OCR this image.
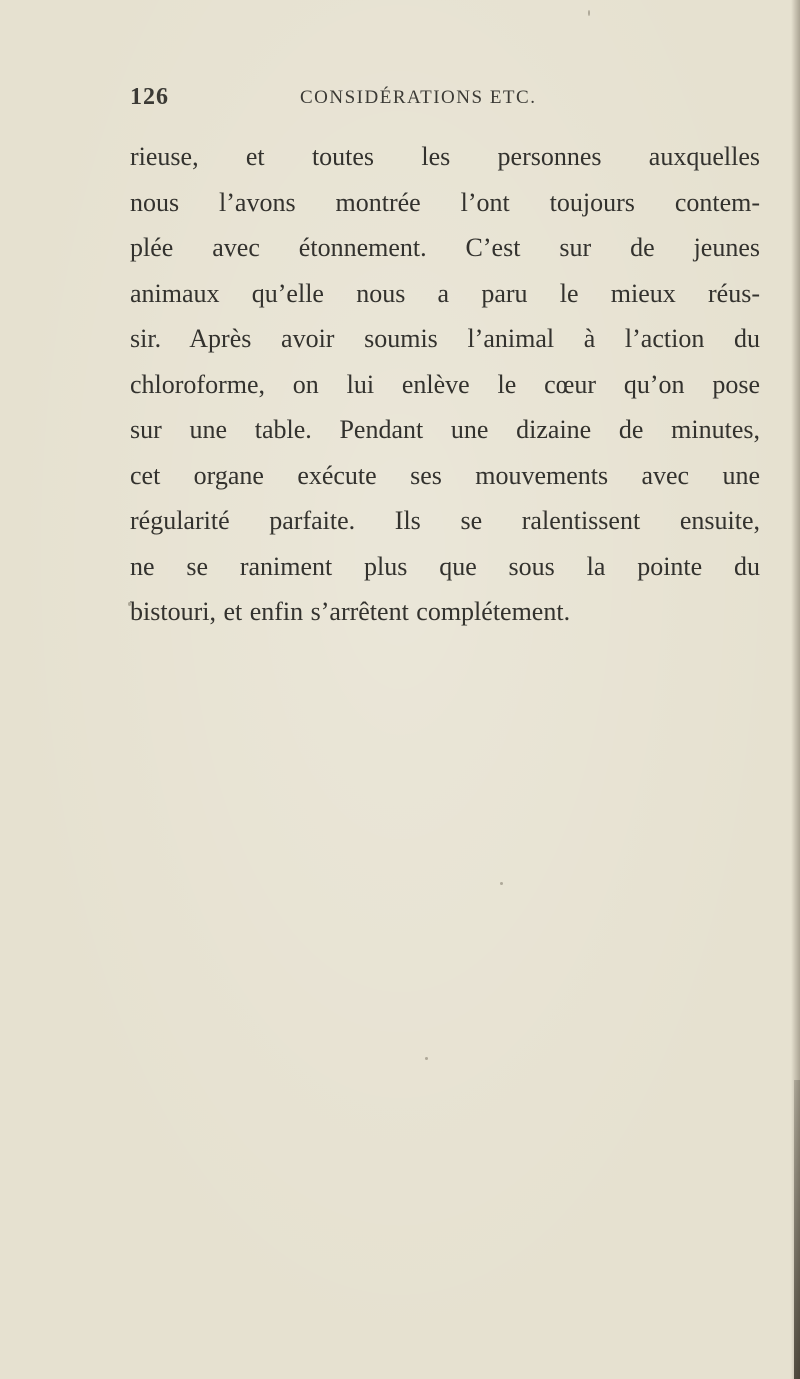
126	CONSIDÉRATIONS ETC.
rieuse, et toutes les personnes auxquelles
nous l’avons montrée l’ont toujours contem-
plée avec étonnement. C’est sur de jeunes
animaux qu’elle nous a paru le mieux réus-
sir. Après avoir soumis l’animal à l’action du
chloroforme, on lui enlève le cœur qu’on pose
sur une table. Pendant une dizaine de minutes,
cet organe exécute ses mouvements avec une
régularité parfaite. Ils se ralentissent ensuite,
ne se raniment plus que sous la pointe du
bistouri, et enfin s’arrêtent complétement.
